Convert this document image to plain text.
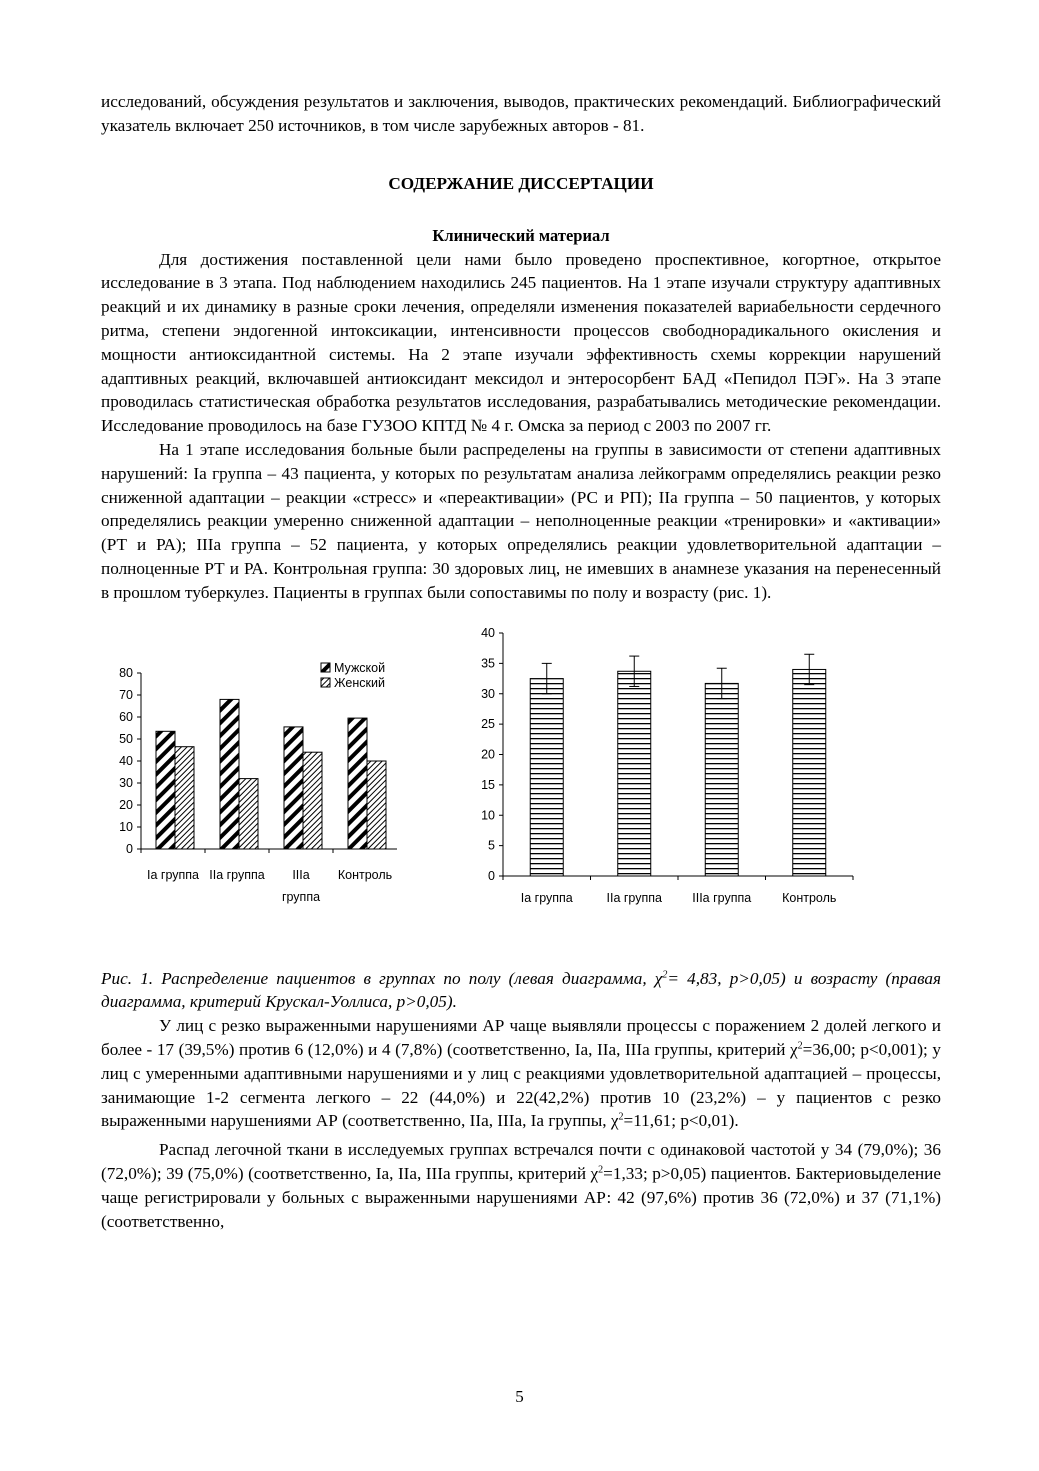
исследований, обсуждения результатов и заключения, выводов, практических рекомендаций. Библиографический указатель включает 250 источников, в том числе зарубежных авторов - 81.

СОДЕРЖАНИЕ ДИССЕРТАЦИИ
Клинический материал

Для достижения поставленной цели нами было проведено проспективное, когортное, открытое исследование в 3 этапа. Под наблюдением находились 245 пациентов. На 1 этапе изучали структуру адаптивных реакций и их динамику в разные сроки лечения, определяли изменения показателей вариабельности сердечного ритма, степени эндогенной интоксикации, интенсивности процессов свободнорадикального окисления и мощности антиоксидантной системы. На 2 этапе изучали эффективность схемы коррекции нарушений адаптивных реакций, включавшей антиоксидант мексидол и энтеросорбент БАД «Пепидол ПЭГ». На 3 этапе проводилась статистическая обработка результатов исследования, разрабатывались методические рекомендации. Исследование проводилось на базе ГУЗОО КПТД № 4 г. Омска за период с 2003 по 2007 гг.

На 1 этапе исследования больные были распределены на группы в зависимости от степени адаптивных нарушений: Iа группа – 43 пациента, у которых по результатам анализа лейкограмм определялись реакции резко сниженной адаптации – реакции «стресс» и «переактивации» (РС и РП); IIа группа – 50 пациентов, у которых определялись реакции умеренно сниженной адаптации – неполноценные реакции «тренировки» и «активации» (РТ и РА); IIIа группа – 52 пациента, у которых определялись реакции удовлетворительной адаптации – полноценные РТ и РА. Контрольная группа: 30 здоровых лиц, не имевших в анамнезе указания на перенесенный в прошлом туберкулез. Пациенты в группах были сопоставимы по полу и возрасту (рис. 1).

0
10
20
30
40
50
60
70
80
Ia группа IIa группа IIIa
группа
Контроль
Мужской
Женский
0
5
10
15
20
25
30
35
40
Ia группа	IIa группа IIIa группа Контроль

Рис. 1. Распределение пациентов в группах по полу (левая диаграмма, $\chi^2= 4,83$, p>0,05) и возрасту (правая диаграмма, критерий Крускал-Уоллиса, p>0,05).

У лиц с резко выраженными нарушениями АР чаще выявляли процессы с поражением 2 долей легкого и более - 17 (39,5%) против 6 (12,0%) и 4 (7,8%) (соответственно, Iа, IIа, IIIа группы, критерий $\chi^2=36,00$; p<0,001); у лиц с умеренными адаптивными нарушениями и у лиц с реакциями удовлетворительной адаптацией – процессы, занимающие 1-2 сегмента легкого – 22 (44,0%) и 22(42,2%) против 10 (23,2%) – у пациентов с резко выраженными нарушениями АР (соответственно, IIа, IIIа, Iа группы, $\chi^2=11,61$; p<0,01).

Распад легочной ткани в исследуемых группах встречался почти с одинаковой частотой у 34 (79,0%); 36 (72,0%); 39 (75,0%) (соответственно, Iа, IIа, IIIа группы, критерий $\chi^2=1,33$; p>0,05) пациентов. Бактериовыделение чаще регистрировали у больных с выраженными нарушениями АР: 42 (97,6%) против 36 (72,0%) и 37 (71,1%) (соответственно,

5
